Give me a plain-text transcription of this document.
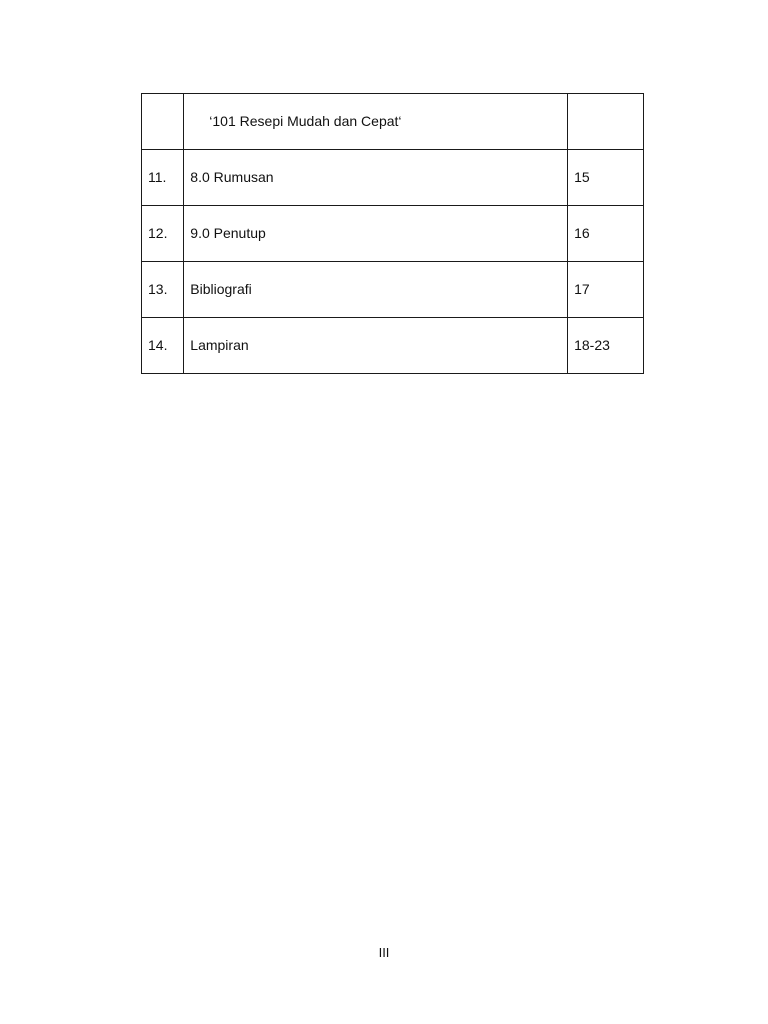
	‘101 Resepi Mudah dan Cepat‘	
11.	8.0 Rumusan	15
12.	9.0 Penutup	16
13.	Bibliografi	17
14.	Lampiran	18-23
III
